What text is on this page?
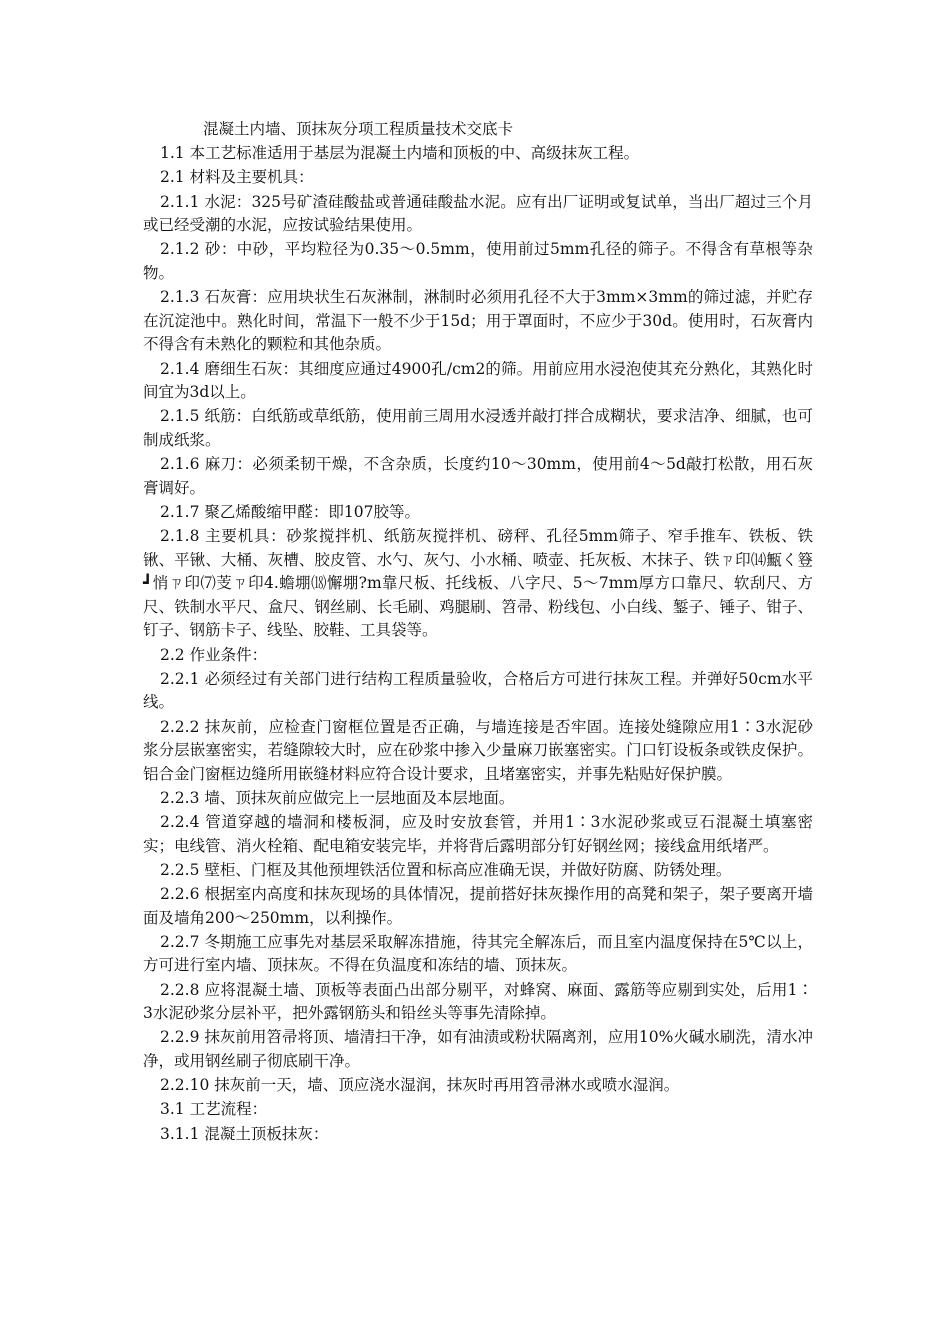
混凝土内墙、顶抹灰分项工程质量技术交底卡

1.1 本工艺标准适用于基层为混凝土内墙和顶板的中、高级抹灰工程。

2.1 材料及主要机具：

2.1.1 水泥：325号矿渣硅酸盐或普通硅酸盐水泥。应有出厂证明或复试单，当出厂超过三个月或已经受潮的水泥，应按试验结果使用。

2.1.2 砂：中砂，平均粒径为0.35～0.5mm，使用前过5mm孔径的筛子。不得含有草根等杂物。

2.1.3 石灰膏：应用块状生石灰淋制，淋制时必须用孔径不大于3mm×3mm的筛过滤，并贮存在沉淀池中。熟化时间，常温下一般不少于15d；用于罩面时，不应少于30d。使用时，石灰膏内不得含有未熟化的颗粒和其他杂质。

2.1.4 磨细生石灰：其细度应通过4900孔/cm2的筛。用前应用水浸泡使其充分熟化，其熟化时间宜为3d以上。

2.1.5 纸筋：白纸筋或草纸筋，使用前三周用水浸透并敲打拌合成糊状，要求洁净、细腻，也可制成纸浆。

2.1.6 麻刀：必须柔韧干燥，不含杂质，长度约10～30mm，使用前4～5d敲打松散，用石灰膏调好。

2.1.7 聚乙烯酸缩甲醛：即107胶等。

2.1.8 主要机具：砂浆搅拌机、纸筋灰搅拌机、磅秤、孔径5mm筛子、窄手推车、铁板、铁锹、平锹、大桶、灰槽、胶皮管、水勺、灰勺、小水桶、喷壶、托灰板、木抹子、铁ㄗ印⒁甒く簦┛悄ㄗ印⑺芰ㄗ印4.蟾堋⒅懈堋?m靠尺板、托线板、八字尺、5～7mm厚方口靠尺、软刮尺、方尺、铁制水平尺、盒尺、钢丝刷、长毛刷、鸡腿刷、笤帚、粉线包、小白线、錾子、锤子、钳子、钉子、钢筋卡子、线坠、胶鞋、工具袋等。

2.2 作业条件：

2.2.1 必须经过有关部门进行结构工程质量验收，合格后方可进行抹灰工程。并弹好50cm水平线。

2.2.2 抹灰前，应检查门窗框位置是否正确，与墙连接是否牢固。连接处缝隙应用1∶3水泥砂浆分层嵌塞密实，若缝隙较大时，应在砂浆中掺入少量麻刀嵌塞密实。门口钉设板条或铁皮保护。铝合金门窗框边缝所用嵌缝材料应符合设计要求，且堵塞密实，并事先粘贴好保护膜。

2.2.3 墙、顶抹灰前应做完上一层地面及本层地面。

2.2.4 管道穿越的墙洞和楼板洞，应及时安放套管，并用1∶3水泥砂浆或豆石混凝土填塞密实；电线管、消火栓箱、配电箱安装完毕，并将背后露明部分钉好钢丝网；接线盒用纸堵严。

2.2.5 壁柜、门框及其他预埋铁活位置和标高应准确无误，并做好防腐、防锈处理。

2.2.6 根据室内高度和抹灰现场的具体情况，提前搭好抹灰操作用的高凳和架子，架子要离开墙面及墙角200～250mm，以利操作。

2.2.7 冬期施工应事先对基层采取解冻措施，待其完全解冻后，而且室内温度保持在5℃以上，方可进行室内墙、顶抹灰。不得在负温度和冻结的墙、顶抹灰。

2.2.8 应将混凝土墙、顶板等表面凸出部分剔平，对蜂窝、麻面、露筋等应剔到实处，后用1∶3水泥砂浆分层补平，把外露钢筋头和铅丝头等事先清除掉。

2.2.9 抹灰前用笤帚将顶、墙清扫干净，如有油渍或粉状隔离剂，应用10%火碱水刷洗，清水冲净，或用钢丝刷子彻底刷干净。

2.2.10 抹灰前一天，墙、顶应浇水湿润，抹灰时再用笤帚淋水或喷水湿润。

3.1 工艺流程：

3.1.1 混凝土顶板抹灰：
